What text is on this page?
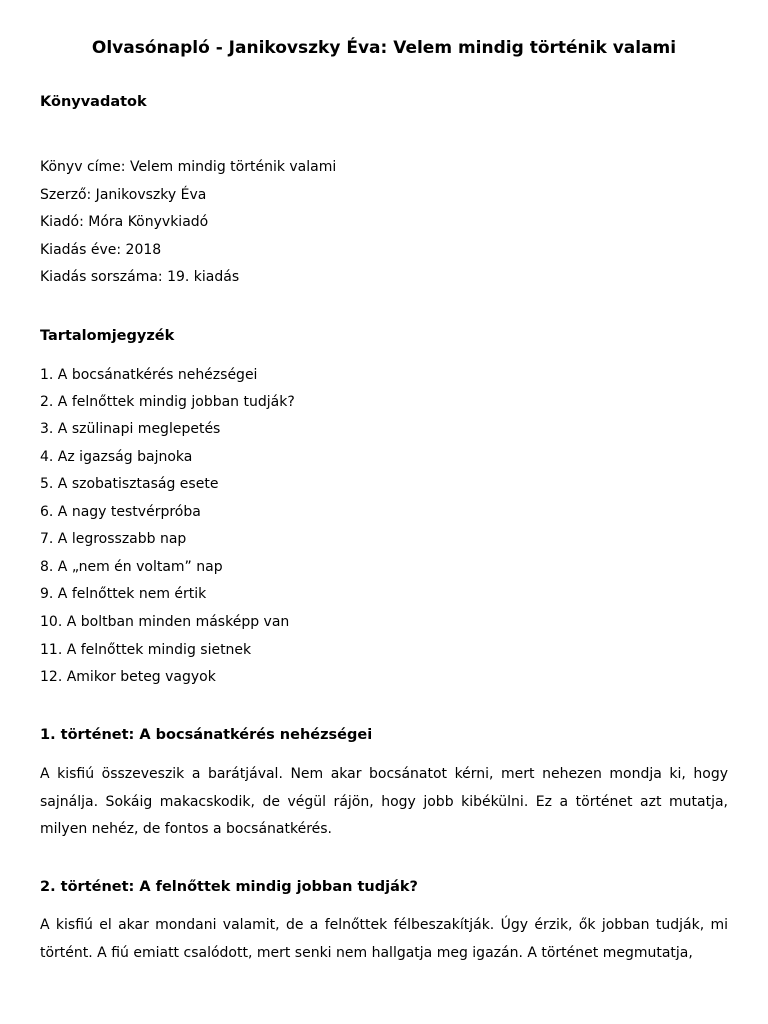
Olvasónapló - Janikovszky Éva: Velem mindig történik valami
Könyvadatok

Könyv címe: Velem mindig történik valami

Szerző: Janikovszky Éva

Kiadó: Móra Könyvkiadó

Kiadás éve: 2018

Kiadás sorszáma: 19. kiadás

Tartalomjegyzék

1. A bocsánatkérés nehézségei

2. A felnőttek mindig jobban tudják?

3. A szülinapi meglepetés

4. Az igazság bajnoka

5. A szobatisztaság esete

6. A nagy testvérpróba

7. A legrosszabb nap

8. A „nem én voltam” nap

9. A felnőttek nem értik

10. A boltban minden másképp van

11. A felnőttek mindig sietnek

12. Amikor beteg vagyok

1. történet: A bocsánatkérés nehézségei

A kisfiú összeveszik a barátjával. Nem akar bocsánatot kérni, mert nehezen mondja ki, hogy sajnálja. Sokáig makacskodik, de végül rájön, hogy jobb kibékülni. Ez a történet azt mutatja, milyen nehéz, de fontos a bocsánatkérés.

2. történet: A felnőttek mindig jobban tudják?

A kisfiú el akar mondani valamit, de a felnőttek félbeszakítják. Úgy érzik, ők jobban tudják, mi történt. A fiú emiatt csalódott, mert senki nem hallgatja meg igazán. A történet megmutatja,
